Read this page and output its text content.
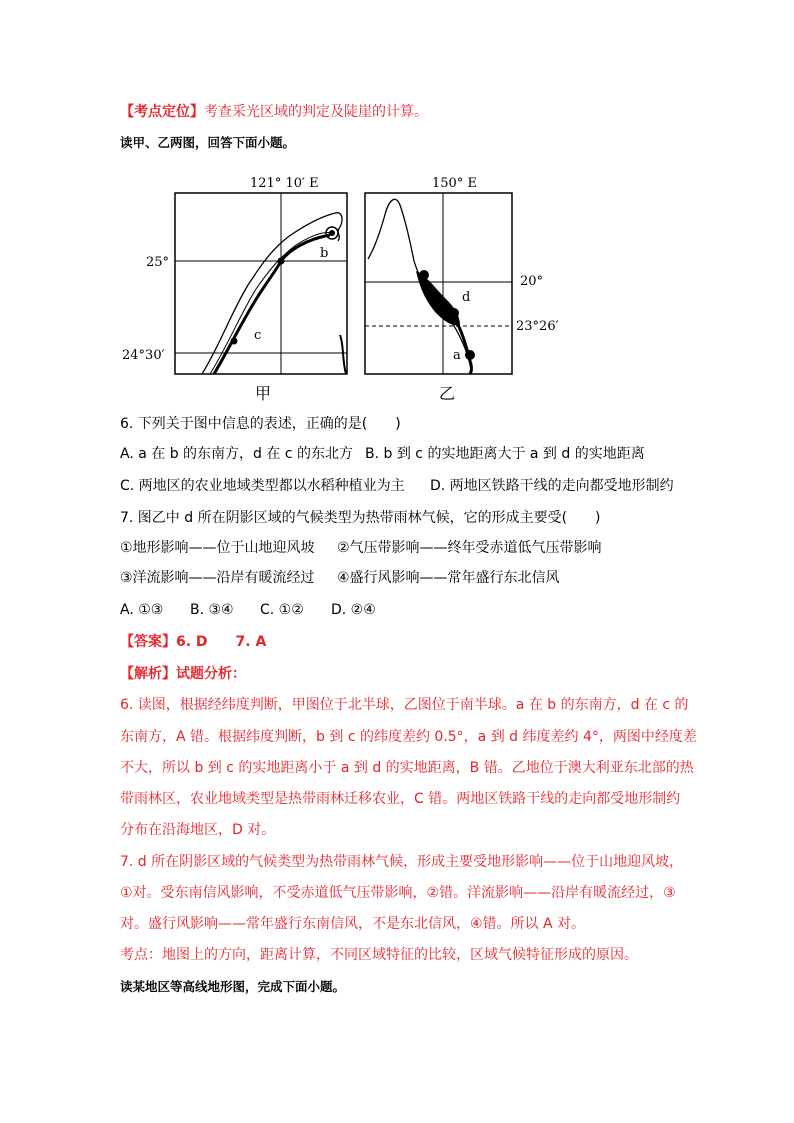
【考点定位】考查采光区域的判定及陡崖的计算。
读甲、乙两图，回答下面小题。
121° 10′ E
25°
24°30′
b
c
甲
150° E
20°
23°26′
d
a
乙
6. 下列关于图中信息的表述，正确的是(　　)
A. a 在 b 的东南方，d 在 c 的东北方 B. b 到 c 的实地距离大于 a 到 d 的实地距离
C. 两地区的农业地域类型都以水稻种植业为主 D. 两地区铁路干线的走向都受地形制约
7. 图乙中 d 所在阴影区域的气候类型为热带雨林气候，它的形成主要受(　　)
①地形影响——位于山地迎风坡 ②气压带影响——终年受赤道低气压带影响
③洋流影响——沿岸有暖流经过 ④盛行风影响——常年盛行东北信风
A. ①③ B. ③④ C. ①② D. ②④
【答案】6. D　　7. A
【解析】试题分析：
6. 读图，根据经纬度判断，甲图位于北半球，乙图位于南半球。a 在 b 的东南方，d 在 c 的
东南方，A 错。根据纬度判断，b 到 c 的纬度差约 0.5°，a 到 d 纬度差约 4°，两图中经度差
不大，所以 b 到 c 的实地距离小于 a 到 d 的实地距离，B 错。乙地位于澳大利亚东北部的热
带雨林区，农业地域类型是热带雨林迁移农业，C 错。两地区铁路干线的走向都受地形制约
分布在沿海地区，D 对。
7. d 所在阴影区域的气候类型为热带雨林气候，形成主要受地形影响——位于山地迎风坡，
①对。受东南信风影响，不受赤道低气压带影响，②错。洋流影响——沿岸有暖流经过，③
对。盛行风影响——常年盛行东南信风，不是东北信风，④错。所以 A 对。
考点：地图上的方向，距离计算，不同区域特征的比较，区域气候特征形成的原因。
读某地区等高线地形图，完成下面小题。
